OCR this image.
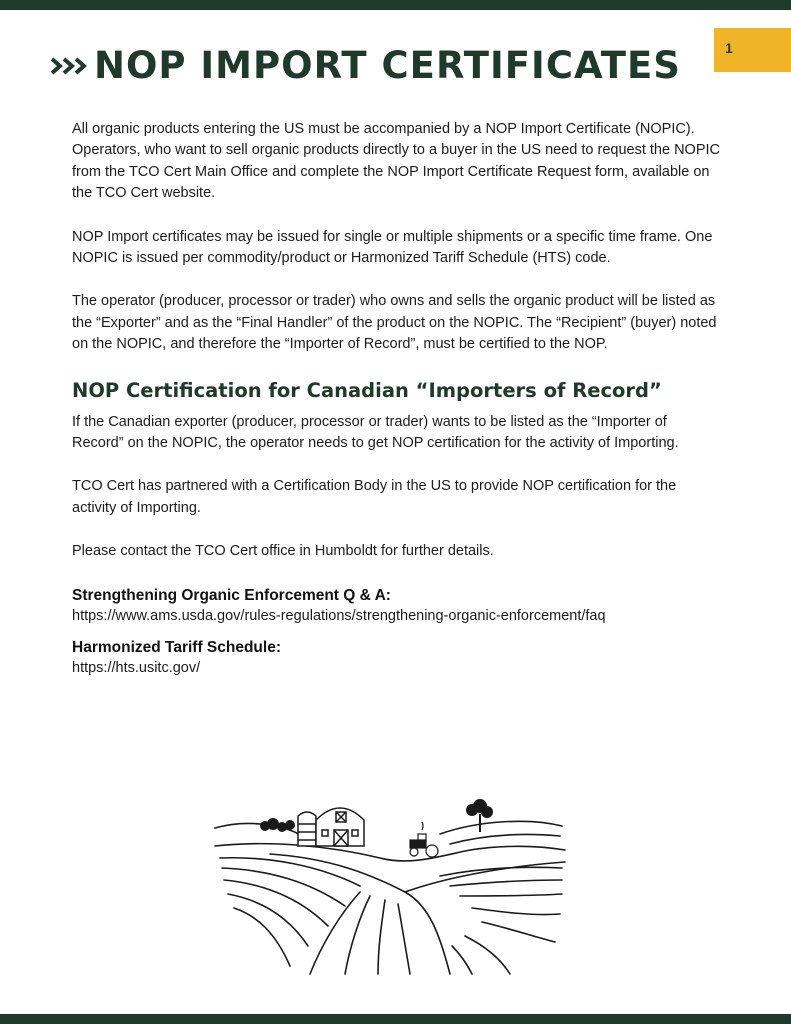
1
NOP IMPORT CERTIFICATES

All organic products entering the US must be accompanied by a NOP Import Certificate (NOPIC). Operators, who want to sell organic products directly to a buyer in the US need to request the NOPIC from the TCO Cert Main Office and complete the NOP Import Certificate Request form, available on the TCO Cert website.

NOP Import certificates may be issued for single or multiple shipments or a specific time frame. One NOPIC is issued per commodity/product or Harmonized Tariff Schedule (HTS) code.

The operator (producer, processor or trader) who owns and sells the organic product will be listed as the “Exporter” and as the “Final Handler” of the product on the NOPIC. The “Recipient” (buyer) noted on the NOPIC, and therefore the “Importer of Record”, must be certified to the NOP.

NOP Certification for Canadian “Importers of Record”

If the Canadian exporter (producer, processor or trader) wants to be listed as the “Importer of Record” on the NOPIC, the operator needs to get NOP certification for the activity of Importing.

TCO Cert has partnered with a Certification Body in the US to provide NOP certification for the activity of Importing.

Please contact the TCO Cert office in Humboldt for further details.

Strengthening Organic Enforcement Q & A:
https://www.ams.usda.gov/rules-regulations/strengthening-organic-enforcement/faq
Harmonized Tariff Schedule:
https://hts.usitc.gov/
